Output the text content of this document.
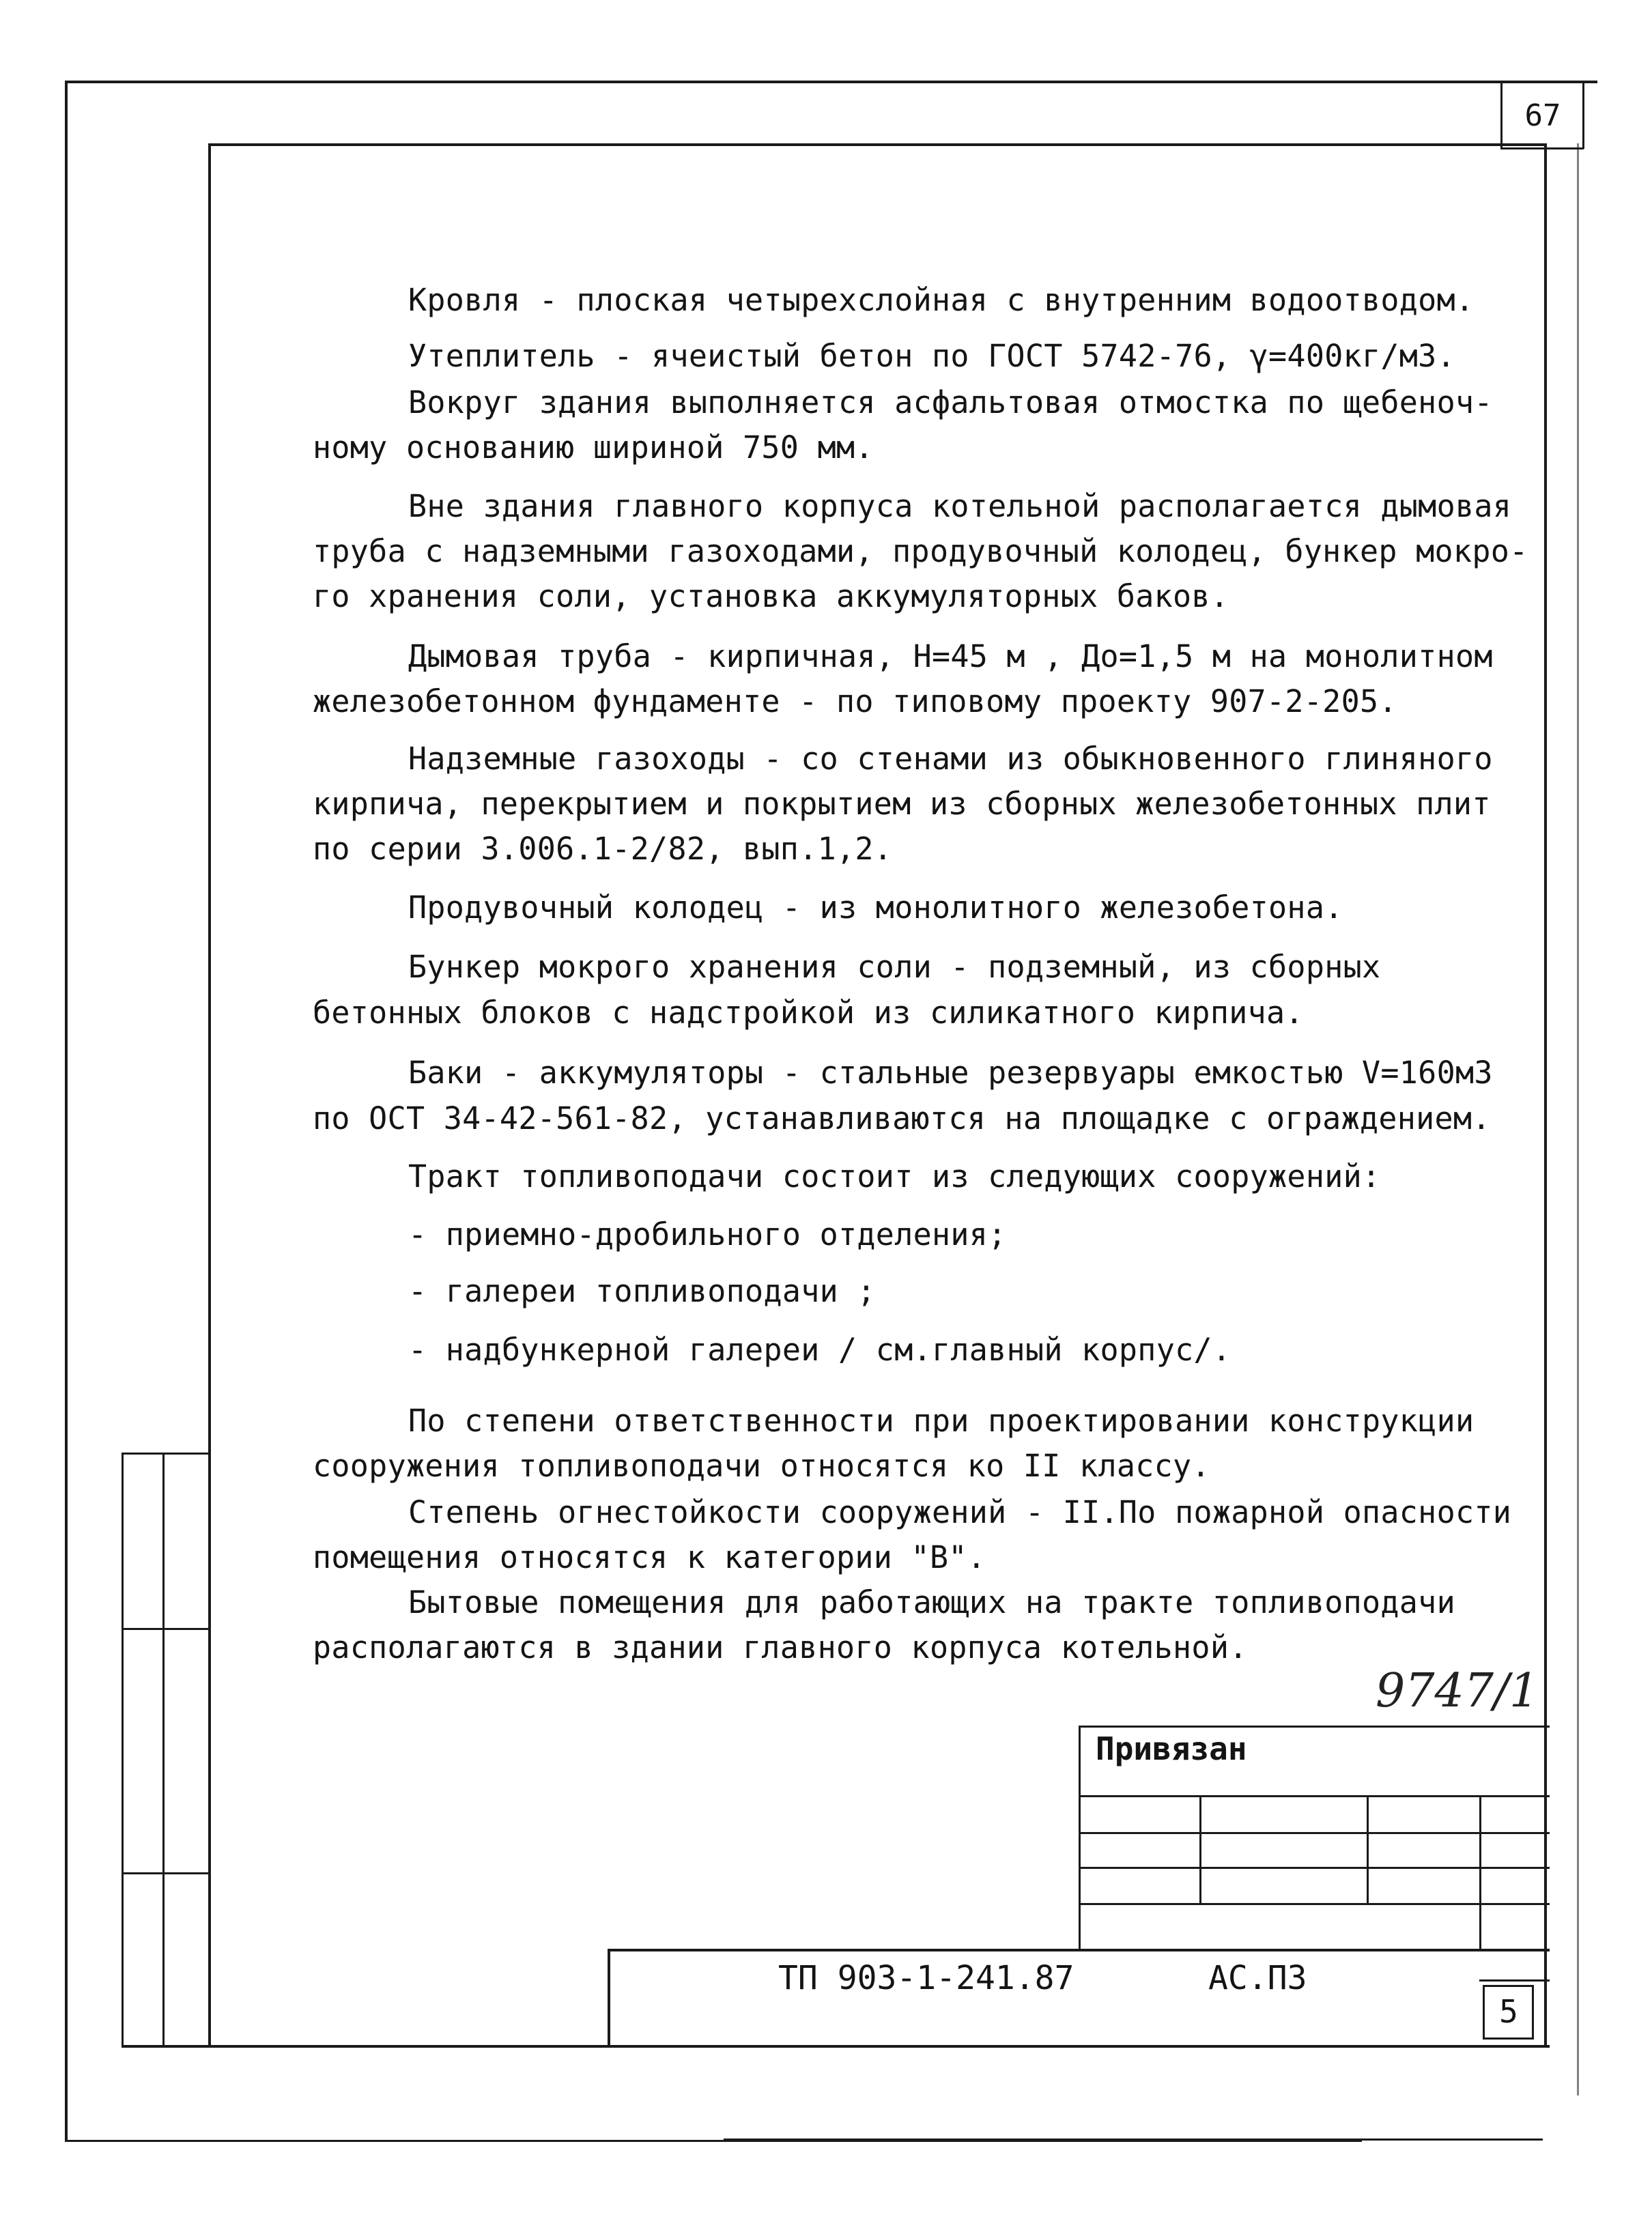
67
Кровля - плоская четырехслойная с внутренним водоотводом.
Утеплитель - ячеистый бетон по ГОСТ 5742-76, γ=400кг/м3.
Вокруг здания выполняется асфальтовая отмостка по щебеноч-
ному основанию шириной 750 мм.
Вне здания главного корпуса котельной располагается дымовая
труба с надземными газоходами, продувочный колодец, бункер мокро-
го хранения соли, установка аккумуляторных баков.
Дымовая труба - кирпичная, Н=45 м , До=1,5 м на монолитном
железобетонном фундаменте - по типовому проекту 907-2-205.
Надземные газоходы - со стенами из обыкновенного глиняного
кирпича, перекрытием и покрытием из сборных железобетонных плит
по серии 3.006.1-2/82, вып.1,2.
Продувочный колодец - из монолитного железобетона.
Бункер мокрого хранения соли - подземный, из сборных
бетонных блоков с надстройкой из силикатного кирпича.
Баки - аккумуляторы - стальные резервуары емкостью V=160м3
по ОСТ 34-42-561-82, устанавливаются на площадке с ограждением.
Тракт топливоподачи состоит из следующих сооружений:
- приемно-дробильного отделения;
- галереи топливоподачи ;
- надбункерной галереи / см.главный корпус/.
По степени ответственности при проектировании конструкции
сооружения топливоподачи относятся ко II классу.
Степень огнестойкости сооружений - II.По пожарной опасности
помещения относятся к категории "В".
Бытовые помещения для работающих на тракте топливоподачи
располагаются в здании главного корпуса котельной.
9747/1
Привязан
ТП 903-1-241.87	АС.ПЗ
5
